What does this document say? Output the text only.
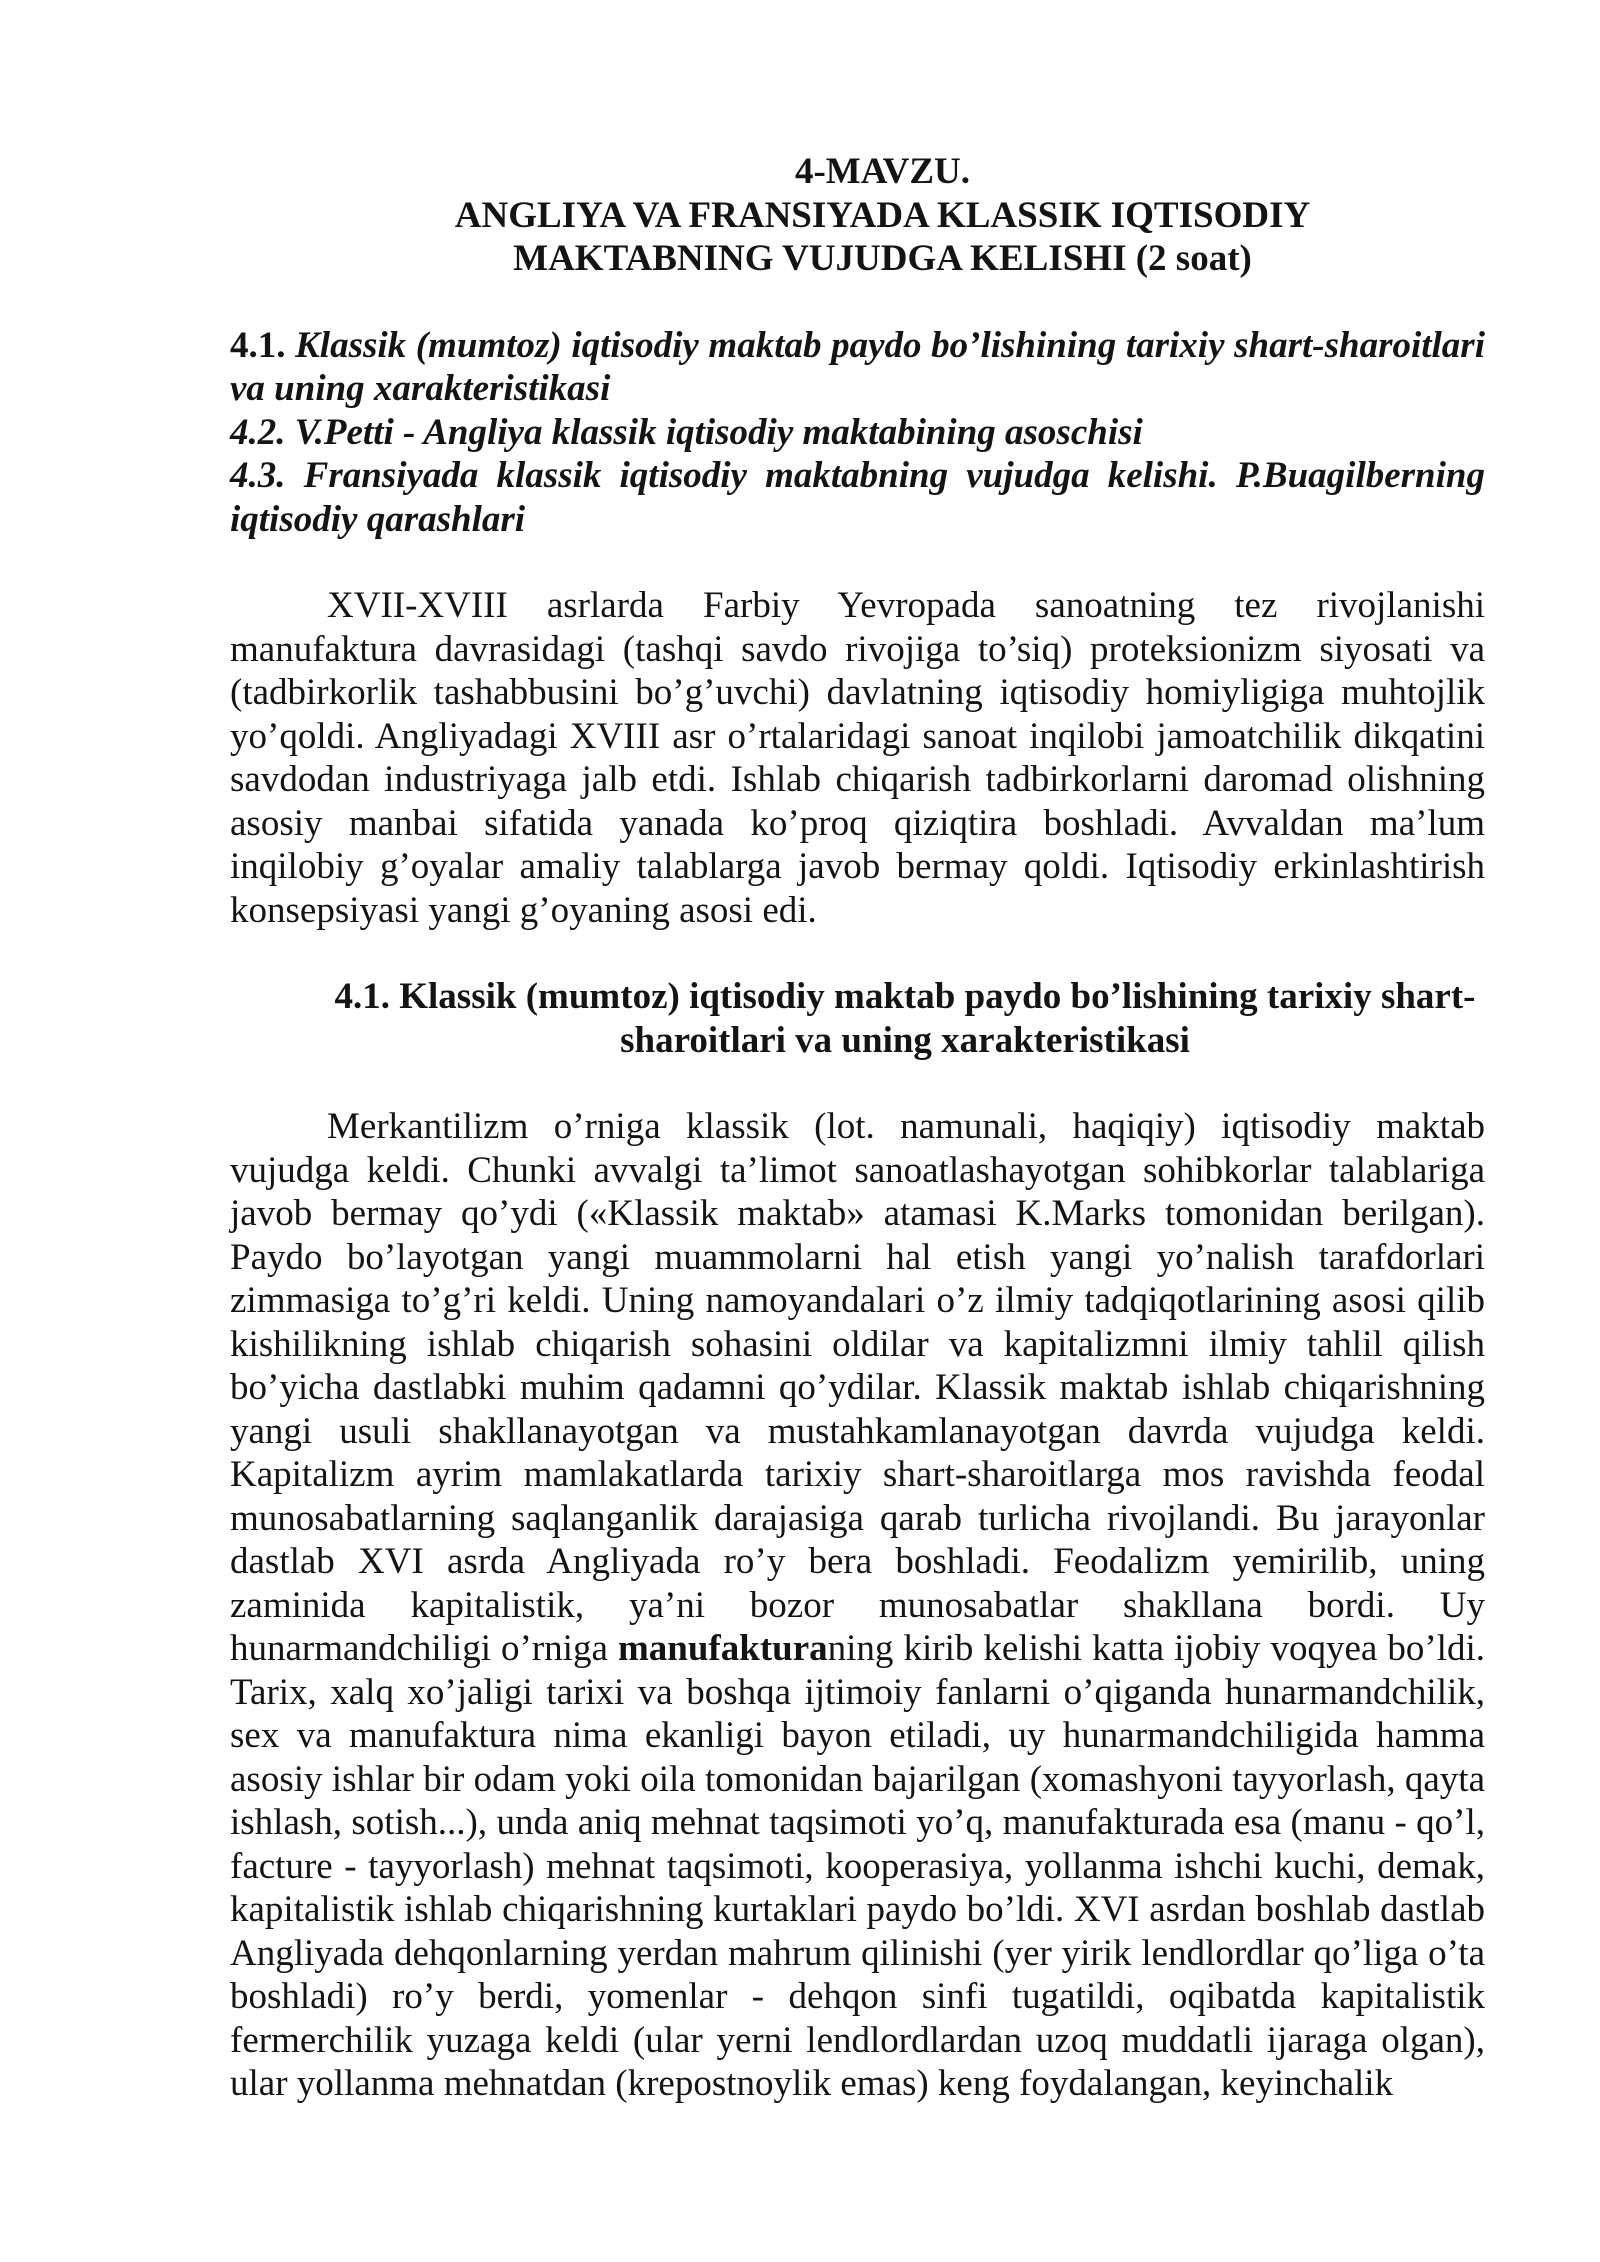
4-MAVZU.
ANGLIYA VA FRANSIYADA KLASSIK IQTISODIY
MAKTABNING VUJUDGA KELISHI (2 soat)
4.1. Klassik (mumtoz) iqtisodiy maktab paydo bo’lishining tarixiy shart-sharoitlari va uning xarakteristikasi
4.2. V.Petti - Angliya klassik iqtisodiy maktabining asoschisi
4.3. Fransiyada klassik iqtisodiy maktabning vujudga kelishi. P.Buagilberning iqtisodiy qarashlari

XVII-XVIII asrlarda Farbiy Yevropada sanoatning tez rivojlanishi manufaktura davrasidagi (tashqi savdo rivojiga to’siq) proteksionizm siyosati va (tadbirkorlik tashabbusini bo’g’uvchi) davlatning iqtisodiy homiyligiga muhtojlik yo’qoldi. Angliyadagi XVIII asr o’rtalaridagi sanoat inqilobi jamoatchilik dikqatini savdodan industriyaga jalb etdi. Ishlab chiqarish tadbirkorlarni daromad olishning asosiy manbai sifatida yanada ko’proq qiziqtira boshladi. Avvaldan ma’lum inqilobiy g’oyalar amaliy talablarga javob bermay qoldi. Iqtisodiy erkinlashtirish konsepsiyasi yangi g’oyaning asosi edi.

4.1. Klassik (mumtoz) iqtisodiy maktab paydo bo’lishining tarixiy shart-sharoitlari va uning xarakteristikasi

Merkantilizm o’rniga klassik (lot. namunali, haqiqiy) iqtisodiy maktab vujudga keldi. Chunki avvalgi ta’limot sanoatlashayotgan sohibkorlar talablariga javob bermay qo’ydi («Klassik maktab» atamasi K.Marks tomonidan berilgan). Paydo bo’layotgan yangi muammolarni hal etish yangi yo’nalish tarafdorlari zimmasiga to’g’ri keldi. Uning namoyandalari o’z ilmiy tadqiqotlarining asosi qilib kishilikning ishlab chiqarish sohasini oldilar va kapitalizmni ilmiy tahlil qilish bo’yicha dastlabki muhim qadamni qo’ydilar. Klassik maktab ishlab chiqarishning yangi usuli shakllanayotgan va mustahkamlanayotgan davrda vujudga keldi. Kapitalizm ayrim mamlakatlarda tarixiy shart-sharoitlarga mos ravishda feodal munosabatlarning saqlanganlik darajasiga qarab turlicha rivojlandi. Bu jarayonlar dastlab XVI asrda Angliyada ro’y bera boshladi. Feodalizm yemirilib, uning zaminida kapitalistik, ya’ni bozor munosabatlar shakllana bordi. Uy hunarmandchiligi o’rniga manufakturaning kirib kelishi katta ijobiy voqyea bo’ldi. Tarix, xalq xo’jaligi tarixi va boshqa ijtimoiy fanlarni o’qiganda hunarmandchilik, sex va manufaktura nima ekanligi bayon etiladi, uy hunarmandchiligida hamma asosiy ishlar bir odam yoki oila tomonidan bajarilgan (xomashyoni tayyorlash, qayta ishlash, sotish...), unda aniq mehnat taqsimoti yo’q, manufakturada esa (manu - qo’l, facture - tayyorlash) mehnat taqsimoti, kooperasiya, yollanma ishchi kuchi, demak, kapitalistik ishlab chiqarishning kurtaklari paydo bo’ldi. XVI asrdan boshlab dastlab Angliyada dehqonlarning yerdan mahrum qilinishi (yer yirik lendlordlar qo’liga o’ta boshladi) ro’y berdi, yomenlar - dehqon sinfi tugatildi, oqibatda kapitalistik fermerchilik yuzaga keldi (ular yerni lendlordlardan uzoq muddatli ijaraga olgan), ular yollanma mehnatdan (krepostnoylik emas) keng foydalangan, keyinchalik
